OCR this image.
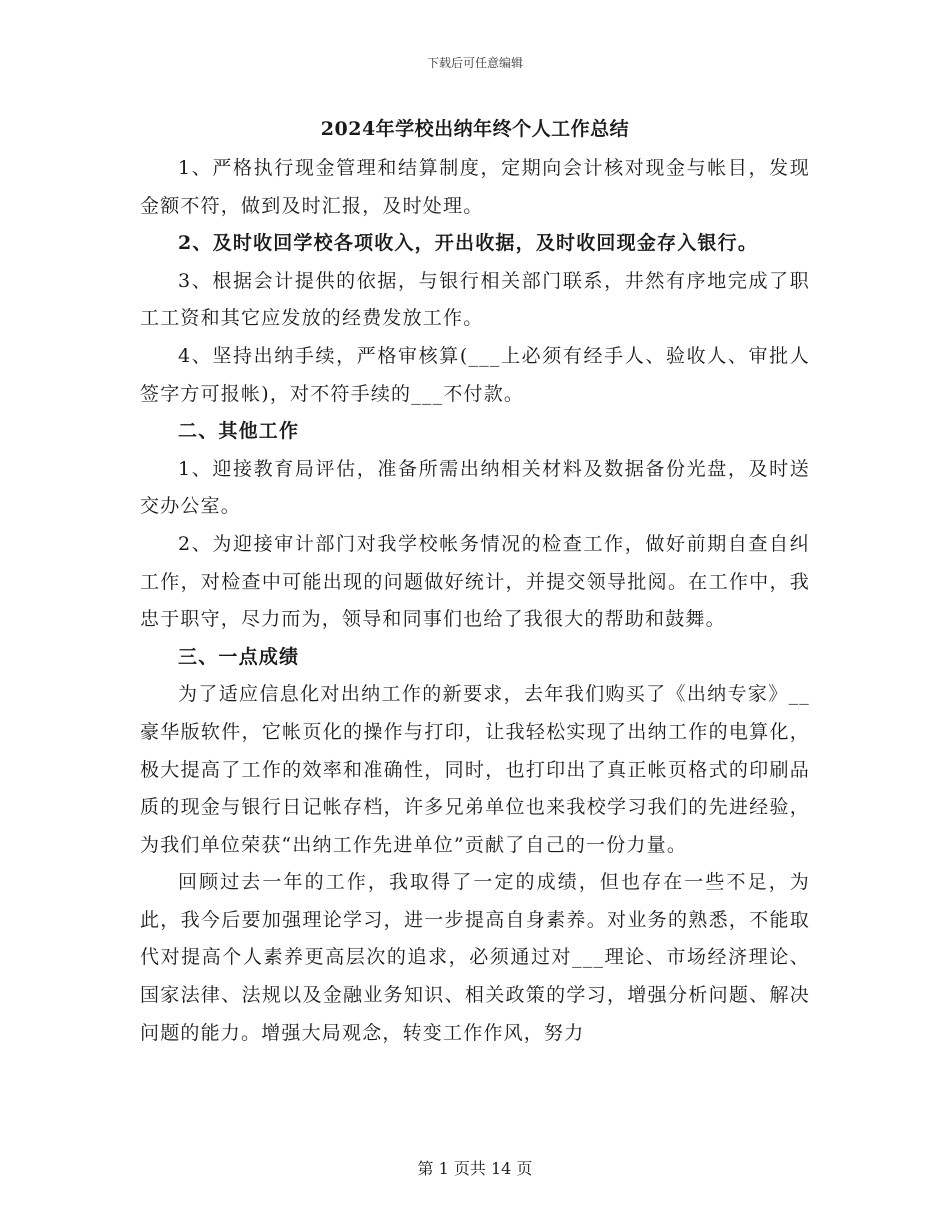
下载后可任意编辑
2024年学校出纳年终个人工作总结

1、严格执行现金管理和结算制度，定期向会计核对现金与帐目，发现金额不符，做到及时汇报，及时处理。

2、及时收回学校各项收入，开出收据，及时收回现金存入银行。

3、根据会计提供的依据，与银行相关部门联系，井然有序地完成了职工工资和其它应发放的经费发放工作。

4、坚持出纳手续，严格审核算(___上必须有经手人、验收人、审批人签字方可报帐)，对不符手续的___不付款。

二、其他工作

1、迎接教育局评估，准备所需出纳相关材料及数据备份光盘，及时送交办公室。

2、为迎接审计部门对我学校帐务情况的检查工作，做好前期自查自纠工作，对检查中可能出现的问题做好统计，并提交领导批阅。在工作中，我忠于职守，尽力而为，领导和同事们也给了我很大的帮助和鼓舞。

三、一点成绩

为了适应信息化对出纳工作的新要求，去年我们购买了《出纳专家》__豪华版软件，它帐页化的操作与打印，让我轻松实现了出纳工作的电算化，极大提高了工作的效率和准确性，同时，也打印出了真正帐页格式的印刷品质的现金与银行日记帐存档，许多兄弟单位也来我校学习我们的先进经验，为我们单位荣获“出纳工作先进单位”贡献了自己的一份力量。

回顾过去一年的工作，我取得了一定的成绩，但也存在一些不足，为此，我今后要加强理论学习，进一步提高自身素养。对业务的熟悉，不能取代对提高个人素养更高层次的追求，必须通过对___理论、市场经济理论、国家法律、法规以及金融业务知识、相关政策的学习，增强分析问题、解决问题的能力。增强大局观念，转变工作作风，努力

第 1 页共 14 页
